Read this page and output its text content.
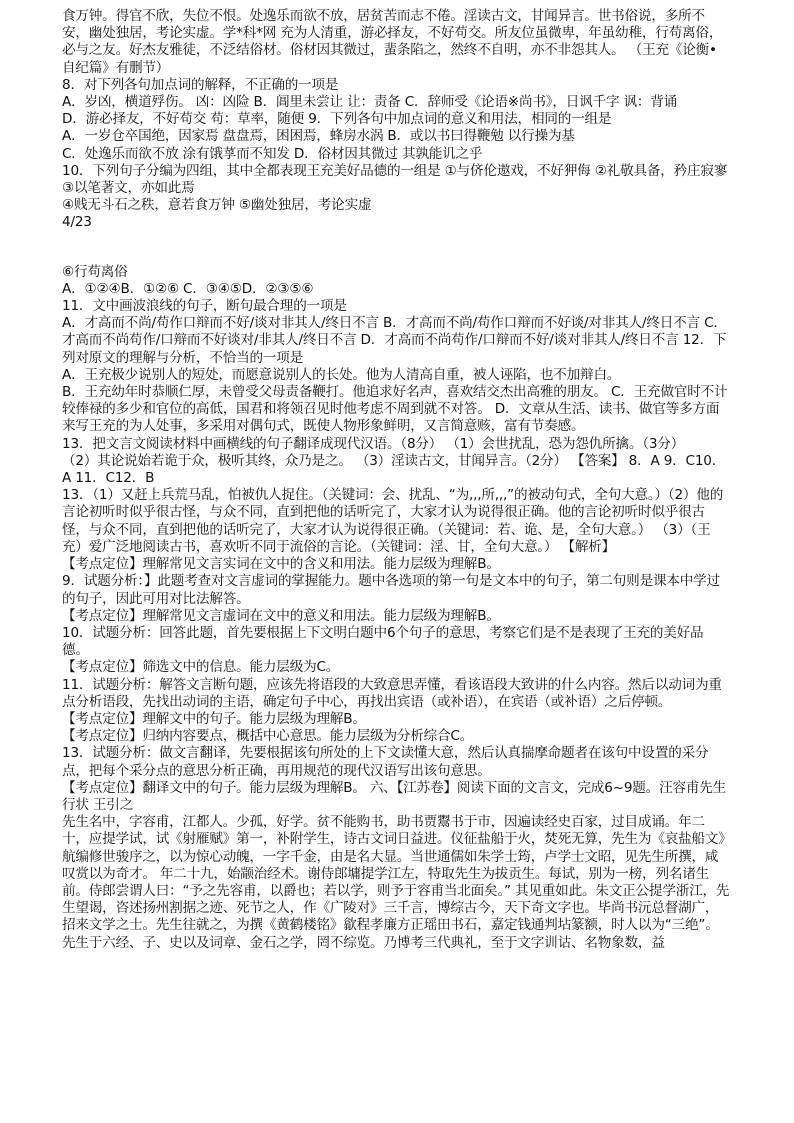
食万钟。得官不欣，失位不恨。处逸乐而欲不放，居贫苦而志不倦。淫读古文，甘闻异言。世书俗说，多所不安，幽处独居，考论实虚。学*科*网 充为人清重，游必择友，不好苟交。所友位虽微卑，年虽幼稚，行苟离俗，必与之友。好杰友雅徒，不泛结俗材。俗材因其微过，蜚条陷之，然终不自明，亦不非怨其人。 （王充《论衡•自纪篇》有删节）

8．对下列各句加点词的解释，不正确的一项是

A．岁凶，横道殍伤。 凶：凶险 B．阊里未尝让 让：责备 C．辞师受《论语※尚书》，日讽千字 讽：背诵

D．游必择友，不好苟交 苟：草率，随便 9．下列各句中加点词的意义和用法，相同的一组是

A．一岁仓卒国绝，因家焉 盘盘焉，困困焉，蜂房水涡 B．或以书曰得鞭勉 以行操为基

C．处逸乐而欲不放 涂有饿莩而不知发 D．俗材因其微过 其孰能讥之乎

10．下列句子分编为四组，其中全都表现王充美好品德的一组是 ①与侪伦遨戏，不好狎侮 ②礼敬具备，矜庄寂寥 ③以笔著文，亦如此焉

④贱无斗石之秩，意若食万钟 ⑤幽处独居，考论实虚

4/23

⑥行苟离俗

A．①②④B．①②⑥ C．③④⑤D．②③⑤⑥

11．文中画波浪线的句子，断句最合理的一项是

A．才高而不尚/苟作口辩而不好/谈对非其人/终日不言 B．才高而不尚/苟作口辩而不好谈/对非其人/终日不言 C．才高而不尚苟作/口辩而不好谈对/非其人/终日不言 D．才高而不尚苟作/口辩而不好/谈对非其人/终日不言 12．下列对原文的理解与分析，不恰当的一项是

A．王充极少说别人的短处，而愿意说别人的长处。他为人清高自重，被人诬陷，也不加辩白。

B．王充幼年时恭顺仁厚，未曾受父母责备鞭打。他追求好名声，喜欢结交杰出高雅的朋友。 C．王充做官时不计较俸禄的多少和官位的高低，国君和将领召见时他考虑不周到就不对答。 D．文章从生活、读书、做官等多方面来写王充的为人处事，多采用对偶句式，既使人物形象鲜明，又言简意赅，富有节奏感。

13．把文言文阅读材料中画横线的句子翻译成现代汉语。（8分） （1）会世扰乱，恐为怨仇所擒。（3分）

（2）其论说始若诡于众，极听其终，众乃是之。 （3）淫读古文，甘闻异言。（2分） 【答案】 8．A 9．C10．A 11．C12．B

13．（1）又赶上兵荒马乱，怕被仇人捉住。（关键词：会、扰乱、“为,,,所,,,”的被动句式，全句大意。）（2）他的言论初听时似乎很古怪，与众不同，直到把他的话听完了，大家才认为说得很正确。他的言论初听时似乎很古怪，与众不同，直到把他的话听完了，大家才认为说得很正确。（关键词：若、诡、是，全句大意。） （3）（王充）爱广泛地阅读古书，喜欢听不同于流俗的言论。（关键词：淫、甘，全句大意。） 【解析】

【考点定位】理解常见文言实词在文中的含义和用法。能力层级为理解B。

9．试题分析：】此题考查对文言虚词的掌握能力。题中各选项的第一句是文本中的句子，第二句则是课本中学过的句子，因此可用对比法解答。

【考点定位】理解常见文言虚词在文中的意义和用法。能力层级为理解B。

10．试题分析：回答此题，首先要根据上下文明白题中6个句子的意思，考察它们是不是表现了王充的美好品德。

【考点定位】筛选文中的信息。能力层级为C。

11．试题分析：解答文言断句题，应该先将语段的大致意思弄懂，看该语段大致讲的什么内容。然后以动词为重点分析语段，先找出动词的主语，确定句子中心，再找出宾语（或补语），在宾语（或补语）之后停顿。

【考点定位】理解文中的句子。能力层级为理解B。

【考点定位】归纳内容要点，概括中心意思。能力层级为分析综合C。

13．试题分析：做文言翻译，先要根据该句所处的上下文读懂大意，然后认真揣摩命题者在该句中设置的采分点，把每个采分点的意思分析正确，再用规范的现代汉语写出该句意思。

【考点定位】翻译文中的句子。能力层级为理解B。 六、【江苏卷】阅读下面的文言文，完成6~9题。汪容甫先生行状 王引之

先生名中，字容甫，江都人。少孤，好学。贫不能购书，助书贾鬻书于市，因遍读经史百家，过目成诵。年二十，应提学试，试《射雁赋》第一，补附学生，诗古文词日益进。仪征盐船于火，焚死无算，先生为《哀盐船文》航编修世骏序之，以为惊心动魄，一字千金，由是名大显。当世通儒如朱学士筠，卢学士文昭，见先生所撰，咸叹赏以为奇才。 年二十九，始颛治经术。谢侍郎墉提学江左，特取先生为拔贡生。每试，别为一榜，列名诸生前。侍郎尝谓人曰：“予之先容甫，以爵也；若以学，则予于容甫当北面矣。” 其见重如此。朱文正公提学浙江，先生望谒，咨述扬州割据之迹、死节之人，作《广陵对》三千言，博综古今，天下奇文字也。毕尚书沅总督湖广，招来文学之士。先生往就之，为撰《黄鹤楼铭》歙程孝廉方正瑶田书石，嘉定钱通判坫篆额，时人以为“三绝”。

先生于六经、子、史以及词章、金石之学，罔不综览。乃博考三代典礼，至于文字训诂、名物象数，益
